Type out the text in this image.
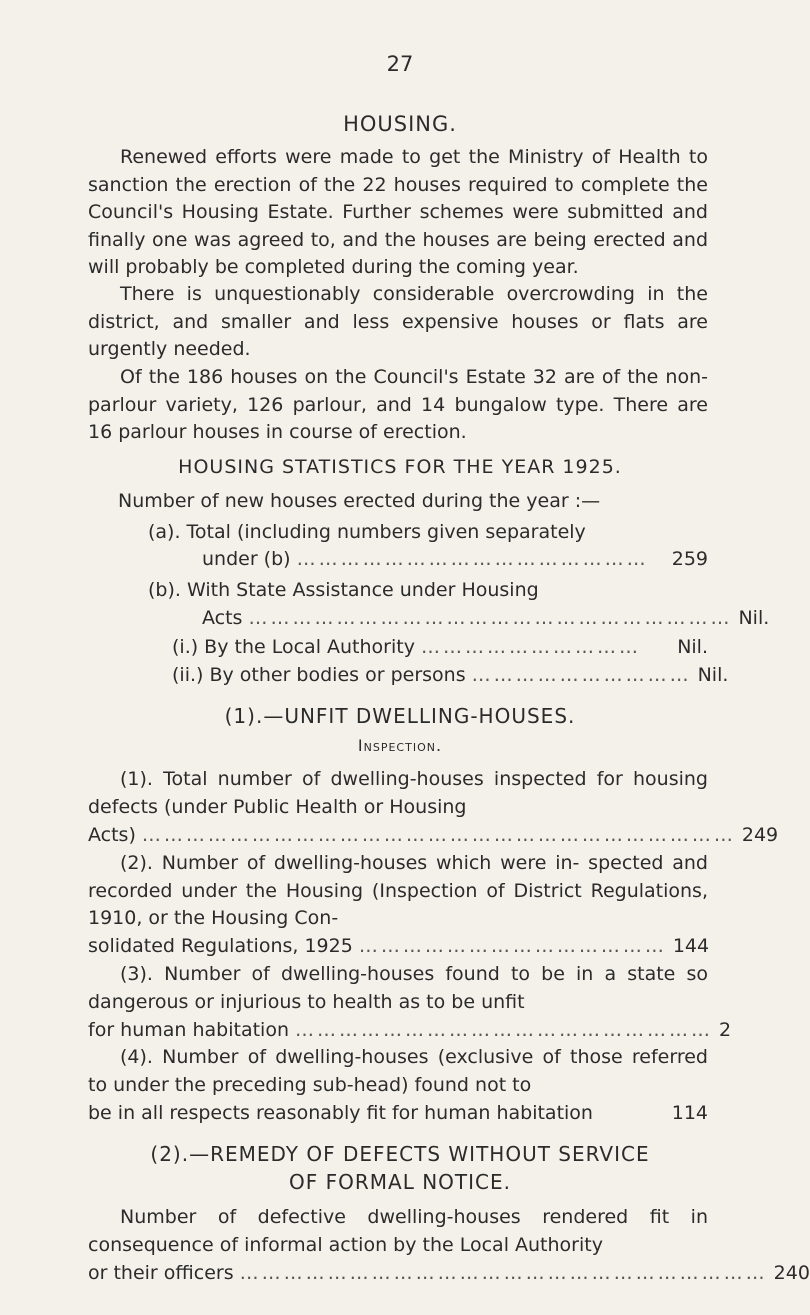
27
HOUSING.
Renewed efforts were made to get the Ministry of Health to sanction the erection of the 22 houses required to complete the Council's Housing Estate. Further schemes were submitted and finally one was agreed to, and the houses are being erected and will probably be completed during the coming year.
There is unquestionably considerable overcrowding in the district, and smaller and less expensive houses or flats are urgently needed.
Of the 186 houses on the Council's Estate 32 are of the non-parlour variety, 126 parlour, and 14 bungalow type. There are 16 parlour houses in course of erection.
HOUSING STATISTICS FOR THE YEAR 1925.
Number of new houses erected during the year :—
(a). Total (including numbers given separately
under (b) …………………………………………	259
(b). With State Assistance under Housing
Acts ………………………………………………………… Nil.
(i.) By the Local Authority …………………………	Nil.
(ii.) By other bodies or persons ………………………… Nil.
(1).—UNFIT DWELLING-HOUSES.
Inspection.
(1). Total number of dwelling-houses inspected for housing defects (under Public Health or Housing
Acts) ……………………………………………………………………… 249
(2). Number of dwelling-houses which were in- spected and recorded under the Housing (Inspection of District Regulations, 1910, or the Housing Con-
solidated Regulations, 1925 …………………………………… 144
(3). Number of dwelling-houses found to be in a state so dangerous or injurious to health as to be unfit
for human habitation ………………………………………………… 2
(4). Number of dwelling-houses (exclusive of those referred to under the preceding sub-head) found not to
be in all respects reasonably fit for human habitation	114
(2).—REMEDY OF DEFECTS WITHOUT SERVICE
OF FORMAL NOTICE.
Number of defective dwelling-houses rendered fit in consequence of informal action by the Local Authority
or their officers ……………………………………………………………… 240
